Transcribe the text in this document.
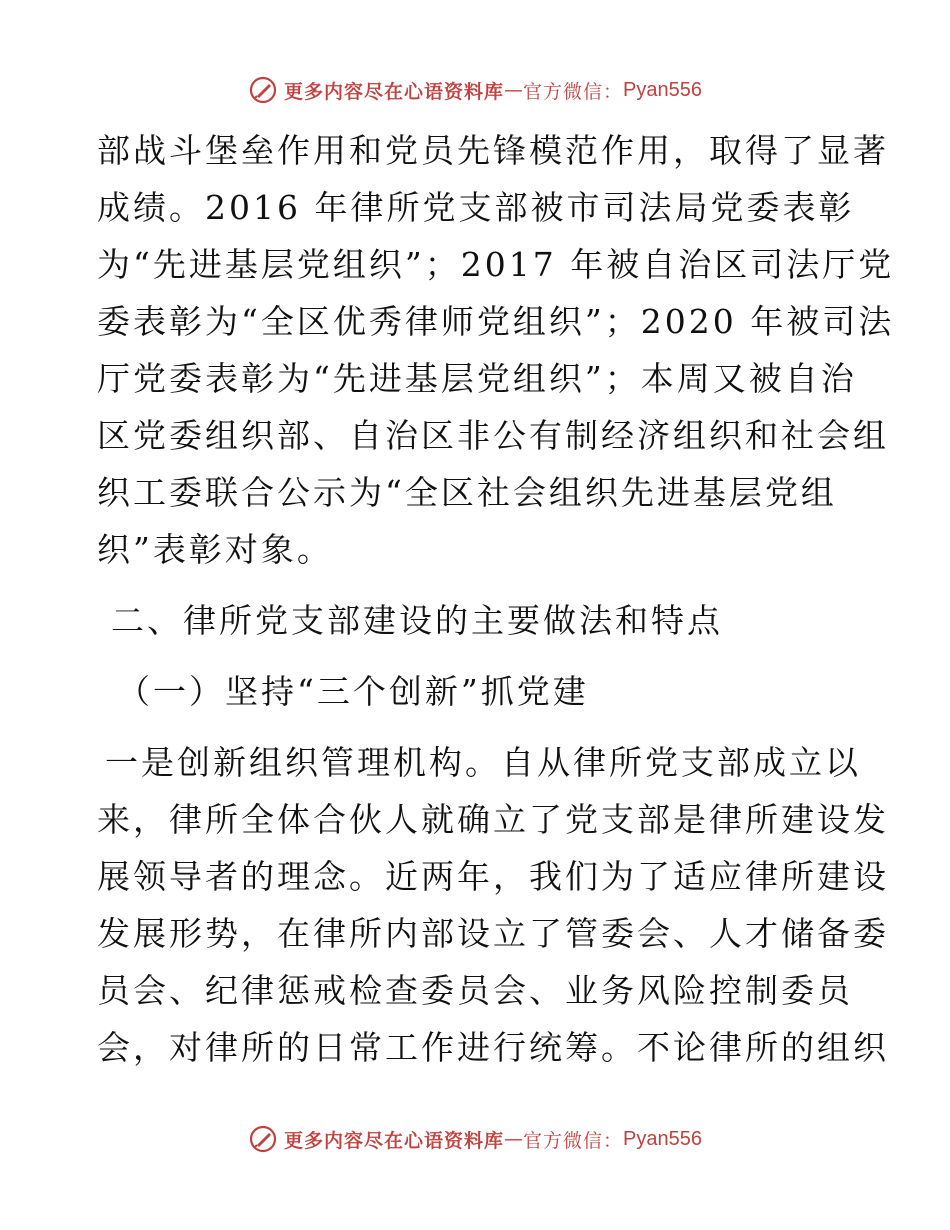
更多内容尽在心语资料库 — 官方微信： Pyan556
部战斗堡垒作用和党员先锋模范作用，取得了显著
成绩。2016 年律所党支部被市司法局党委表彰
为“先进基层党组织”；2017 年被自治区司法厅党
委表彰为“全区优秀律师党组织”；2020 年被司法
厅党委表彰为“先进基层党组织”；本周又被自治
区党委组织部、自治区非公有制经济组织和社会组
织工委联合公示为“全区社会组织先进基层党组
织”表彰对象。
二、律所党支部建设的主要做法和特点
（一）坚持“三个创新”抓党建
一是创新组织管理机构。自从律所党支部成立以
来，律所全体合伙人就确立了党支部是律所建设发
展领导者的理念。近两年，我们为了适应律所建设
发展形势，在律所内部设立了管委会、人才储备委
员会、纪律惩戒检查委员会、业务风险控制委员
会，对律所的日常工作进行统筹。不论律所的组织
更多内容尽在心语资料库 — 官方微信： Pyan556
